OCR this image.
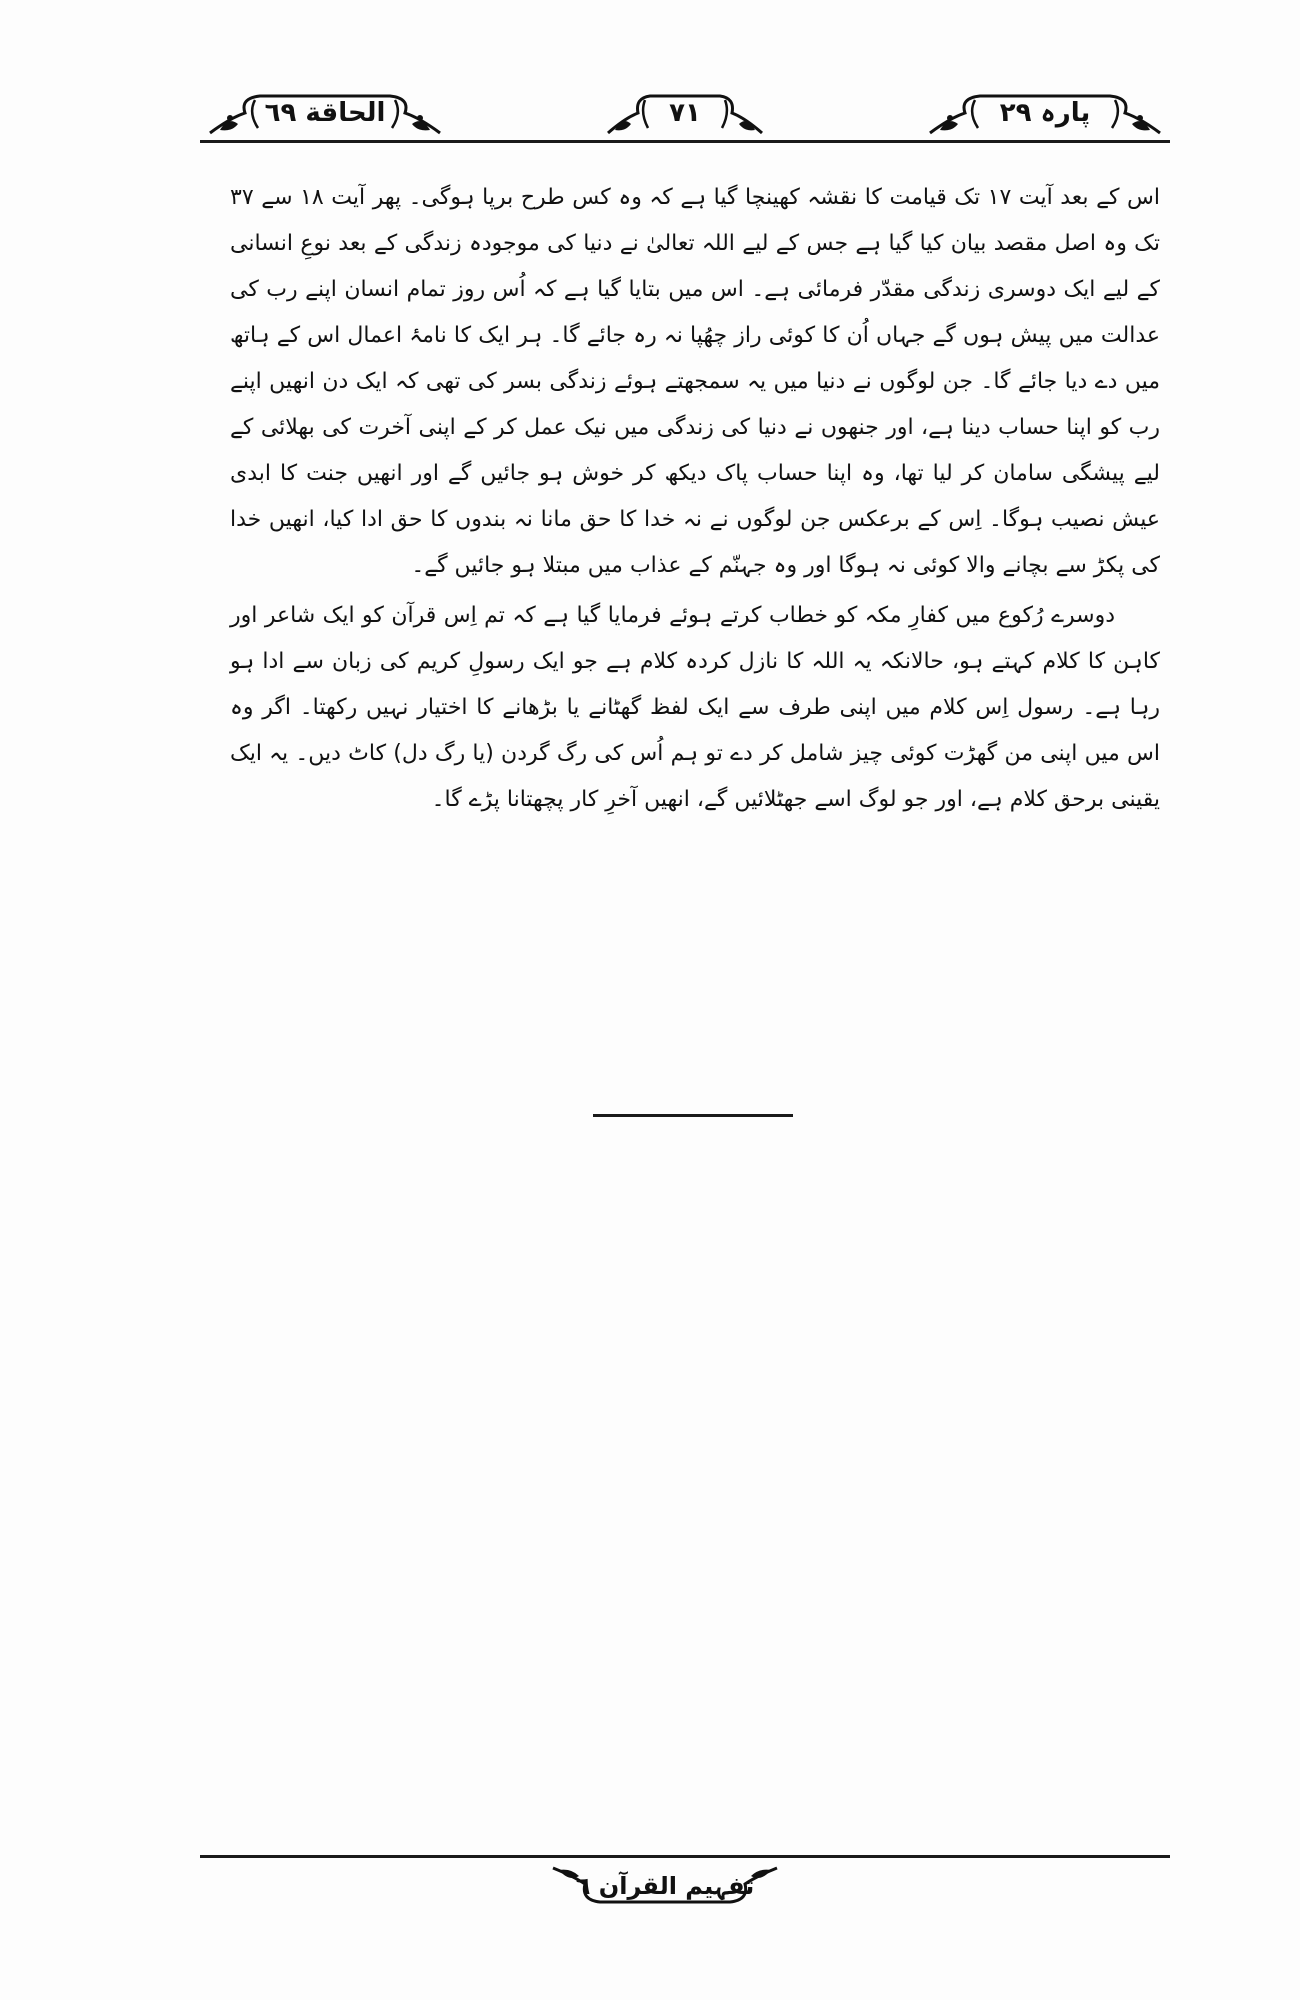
پارہ ۲۹
۷۱
الحاقة ٦٩

اس کے بعد آیت ۱۷ تک قیامت کا نقشہ کھینچا گیا ہے کہ وہ کس طرح برپا ہوگی۔ پھر آیت ۱۸ سے ۳۷ تک وہ اصل مقصد بیان کیا گیا ہے جس کے لیے اللہ تعالیٰ نے دنیا کی موجودہ زندگی کے بعد نوعِ انسانی کے لیے ایک دوسری زندگی مقدّر فرمائی ہے۔ اس میں بتایا گیا ہے کہ اُس روز تمام انسان اپنے رب کی عدالت میں پیش ہوں گے جہاں اُن کا کوئی راز چھُپا نہ رہ جائے گا۔ ہر ایک کا نامۂ اعمال اس کے ہاتھ میں دے دیا جائے گا۔ جن لوگوں نے دنیا میں یہ سمجھتے ہوئے زندگی بسر کی تھی کہ ایک دن انھیں اپنے رب کو اپنا حساب دینا ہے، اور جنھوں نے دنیا کی زندگی میں نیک عمل کر کے اپنی آخرت کی بھلائی کے لیے پیشگی سامان کر لیا تھا، وہ اپنا حساب پاک دیکھ کر خوش ہو جائیں گے اور انھیں جنت کا ابدی عیش نصیب ہوگا۔ اِس کے برعکس جن لوگوں نے نہ خدا کا حق مانا نہ بندوں کا حق ادا کیا، انھیں خدا کی پکڑ سے بچانے والا کوئی نہ ہوگا اور وہ جہنّم کے عذاب میں مبتلا ہو جائیں گے۔

دوسرے رُکوع میں کفارِ مکہ کو خطاب کرتے ہوئے فرمایا گیا ہے کہ تم اِس قرآن کو ایک شاعر اور کاہن کا کلام کہتے ہو، حالانکہ یہ اللہ کا نازل کردہ کلام ہے جو ایک رسولِ کریم کی زبان سے ادا ہو رہا ہے۔ رسول اِس کلام میں اپنی طرف سے ایک لفظ گھٹانے یا بڑھانے کا اختیار نہیں رکھتا۔ اگر وہ اس میں اپنی من گھڑت کوئی چیز شامل کر دے تو ہم اُس کی رگ گردن (یا رگ دل) کاٹ دیں۔ یہ ایک یقینی برحق کلام ہے، اور جو لوگ اسے جھٹلائیں گے، انھیں آخرِ کار پچھتانا پڑے گا۔

تفہیم القرآن ٦
